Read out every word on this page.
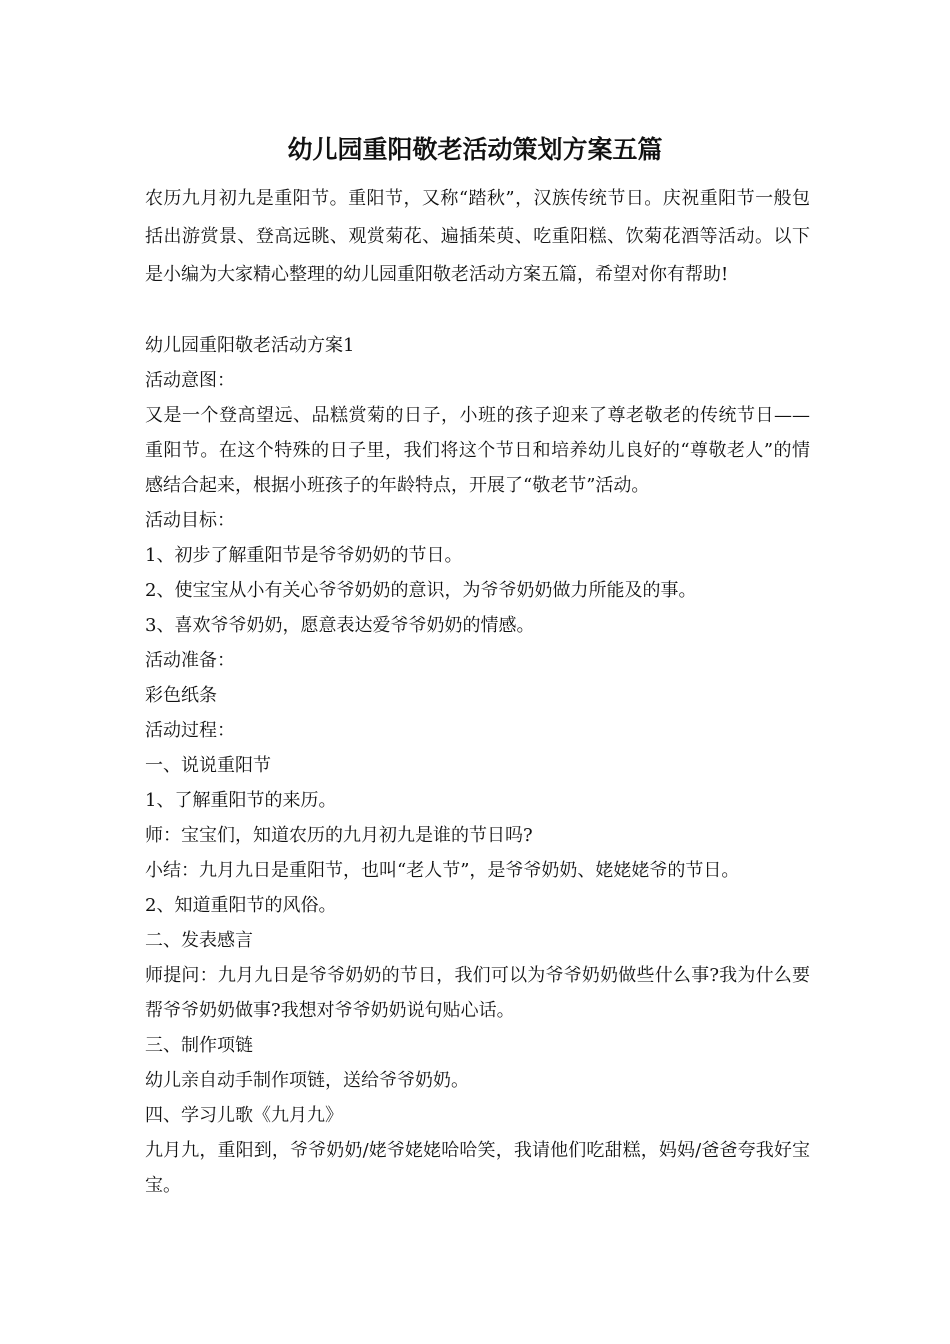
幼儿园重阳敬老活动策划方案五篇

农历九月初九是重阳节。重阳节，又称“踏秋”，汉族传统节日。庆祝重阳节一般包括出游赏景、登高远眺、观赏菊花、遍插茱萸、吃重阳糕、饮菊花酒等活动。以下是小编为大家精心整理的幼儿园重阳敬老活动方案五篇，希望对你有帮助!

幼儿园重阳敬老活动方案1

活动意图：

又是一个登高望远、品糕赏菊的日子，小班的孩子迎来了尊老敬老的传统节日——重阳节。在这个特殊的日子里，我们将这个节日和培养幼儿良好的“尊敬老人”的情感结合起来，根据小班孩子的年龄特点，开展了“敬老节”活动。

活动目标：

1、初步了解重阳节是爷爷奶奶的节日。

2、使宝宝从小有关心爷爷奶奶的意识，为爷爷奶奶做力所能及的事。

3、喜欢爷爷奶奶，愿意表达爱爷爷奶奶的情感。

活动准备：

彩色纸条

活动过程：

一、说说重阳节

1、了解重阳节的来历。

师：宝宝们，知道农历的九月初九是谁的节日吗?

小结：九月九日是重阳节，也叫“老人节”，是爷爷奶奶、姥姥姥爷的节日。

2、知道重阳节的风俗。

二、发表感言

师提问：九月九日是爷爷奶奶的节日，我们可以为爷爷奶奶做些什么事?我为什么要帮爷爷奶奶做事?我想对爷爷奶奶说句贴心话。

三、制作项链

幼儿亲自动手制作项链，送给爷爷奶奶。

四、学习儿歌《九月九》

九月九，重阳到，爷爷奶奶/姥爷姥姥哈哈笑，我请他们吃甜糕，妈妈/爸爸夸我好宝宝。
